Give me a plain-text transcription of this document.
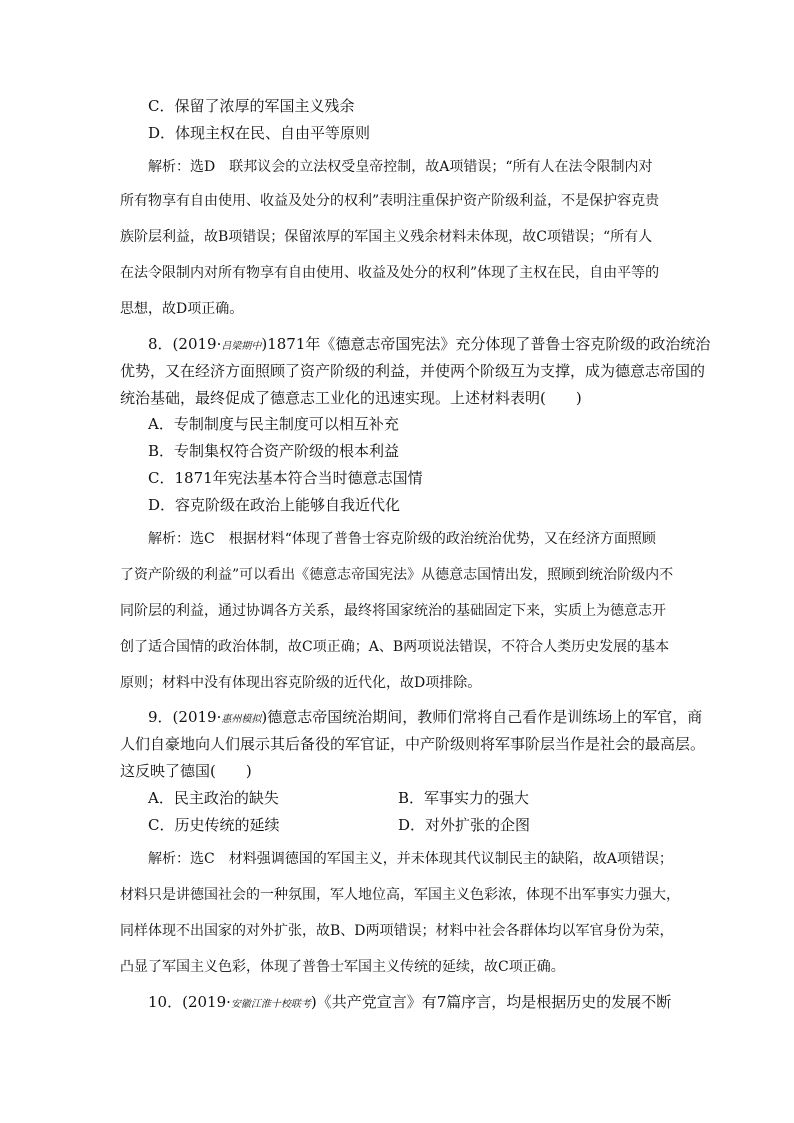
C．保留了浓厚的军国主义残余
D．体现主权在民、自由平等原则
解析：选D　联邦议会的立法权受皇帝控制，故A项错误；“所有人在法令限制内对
所有物享有自由使用、收益及处分的权利”表明注重保护资产阶级利益，不是保护容克贵
族阶层利益，故B项错误；保留浓厚的军国主义残余材料未体现，故C项错误；“所有人
在法令限制内对所有物享有自由使用、收益及处分的权利”体现了主权在民，自由平等的
思想，故D项正确。
8．(2019·吕梁期中)1871年《德意志帝国宪法》充分体现了普鲁士容克阶级的政治统治
优势，又在经济方面照顾了资产阶级的利益，并使两个阶级互为支撑，成为德意志帝国的
统治基础，最终促成了德意志工业化的迅速实现。上述材料表明(　　)
A．专制制度与民主制度可以相互补充
B．专制集权符合资产阶级的根本利益
C．1871年宪法基本符合当时德意志国情
D．容克阶级在政治上能够自我近代化
解析：选C　根据材料“体现了普鲁士容克阶级的政治统治优势，又在经济方面照顾
了资产阶级的利益”可以看出《德意志帝国宪法》从德意志国情出发，照顾到统治阶级内不
同阶层的利益，通过协调各方关系，最终将国家统治的基础固定下来，实质上为德意志开
创了适合国情的政治体制，故C项正确；A、B两项说法错误，不符合人类历史发展的基本
原则；材料中没有体现出容克阶级的近代化，故D项排除。
9．(2019·惠州模拟)德意志帝国统治期间，教师们常将自己看作是训练场上的军官，商
人们自豪地向人们展示其后备役的军官证，中产阶级则将军事阶层当作是社会的最高层。
这反映了德国(　　)
A．民主政治的缺失	B．军事实力的强大
C．历史传统的延续	D．对外扩张的企图
解析：选C　材料强调德国的军国主义，并未体现其代议制民主的缺陷，故A项错误；
材料只是讲德国社会的一种氛围，军人地位高，军国主义色彩浓，体现不出军事实力强大，
同样体现不出国家的对外扩张，故B、D两项错误；材料中社会各群体均以军官身份为荣，
凸显了军国主义色彩，体现了普鲁士军国主义传统的延续，故C项正确。
10．(2019·安徽江淮十校联考)《共产党宣言》有7篇序言，均是根据历史的发展不断
